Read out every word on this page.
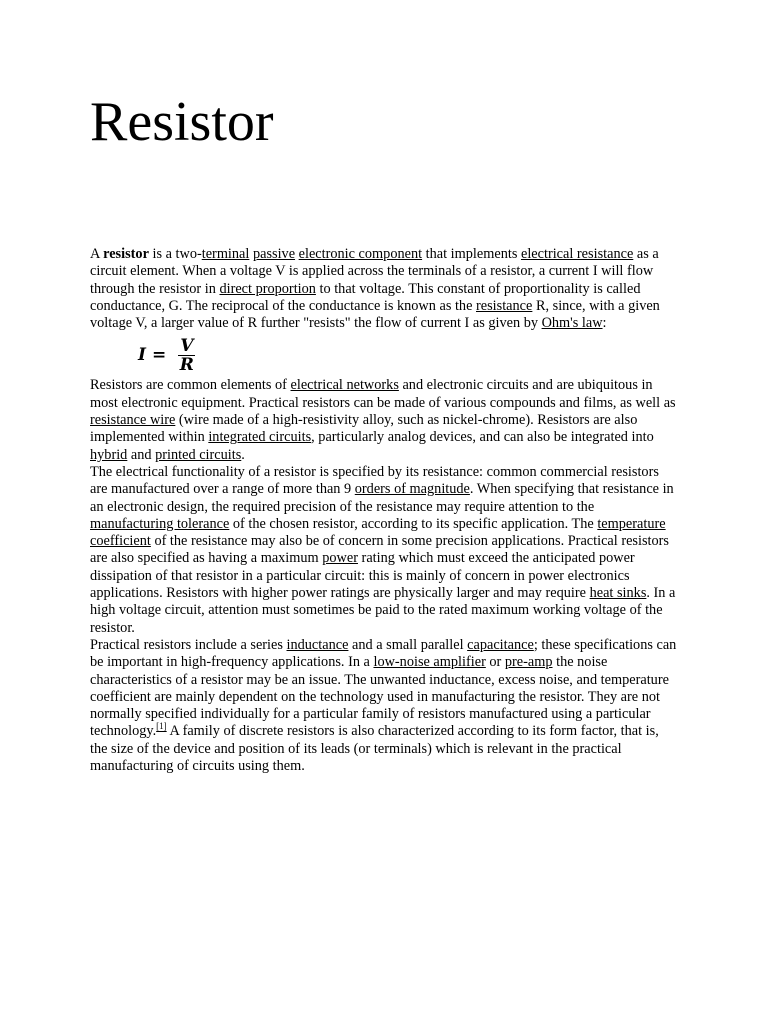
Resistor

A resistor is a two-terminal passive electronic component that implements electrical resistance as a circuit element. When a voltage V is applied across the terminals of a resistor, a current I will flow through the resistor in direct proportion to that voltage. This constant of proportionality is called conductance, G. The reciprocal of the conductance is known as the resistance R, since, with a given voltage V, a larger value of R further "resists" the flow of current I as given by Ohm's law:

$I = \frac{V}{R}$

Resistors are common elements of electrical networks and electronic circuits and are ubiquitous in most electronic equipment. Practical resistors can be made of various compounds and films, as well as resistance wire (wire made of a high-resistivity alloy, such as nickel-chrome). Resistors are also implemented within integrated circuits, particularly analog devices, and can also be integrated into hybrid and printed circuits.

The electrical functionality of a resistor is specified by its resistance: common commercial resistors are manufactured over a range of more than 9 orders of magnitude. When specifying that resistance in an electronic design, the required precision of the resistance may require attention to the manufacturing tolerance of the chosen resistor, according to its specific application. The temperature coefficient of the resistance may also be of concern in some precision applications. Practical resistors are also specified as having a maximum power rating which must exceed the anticipated power dissipation of that resistor in a particular circuit: this is mainly of concern in power electronics applications. Resistors with higher power ratings are physically larger and may require heat sinks. In a high voltage circuit, attention must sometimes be paid to the rated maximum working voltage of the resistor.

Practical resistors include a series inductance and a small parallel capacitance; these specifications can be important in high-frequency applications. In a low-noise amplifier or pre-amp the noise characteristics of a resistor may be an issue. The unwanted inductance, excess noise, and temperature coefficient are mainly dependent on the technology used in manufacturing the resistor. They are not normally specified individually for a particular family of resistors manufactured using a particular technology.[1] A family of discrete resistors is also characterized according to its form factor, that is, the size of the device and position of its leads (or terminals) which is relevant in the practical manufacturing of circuits using them.
